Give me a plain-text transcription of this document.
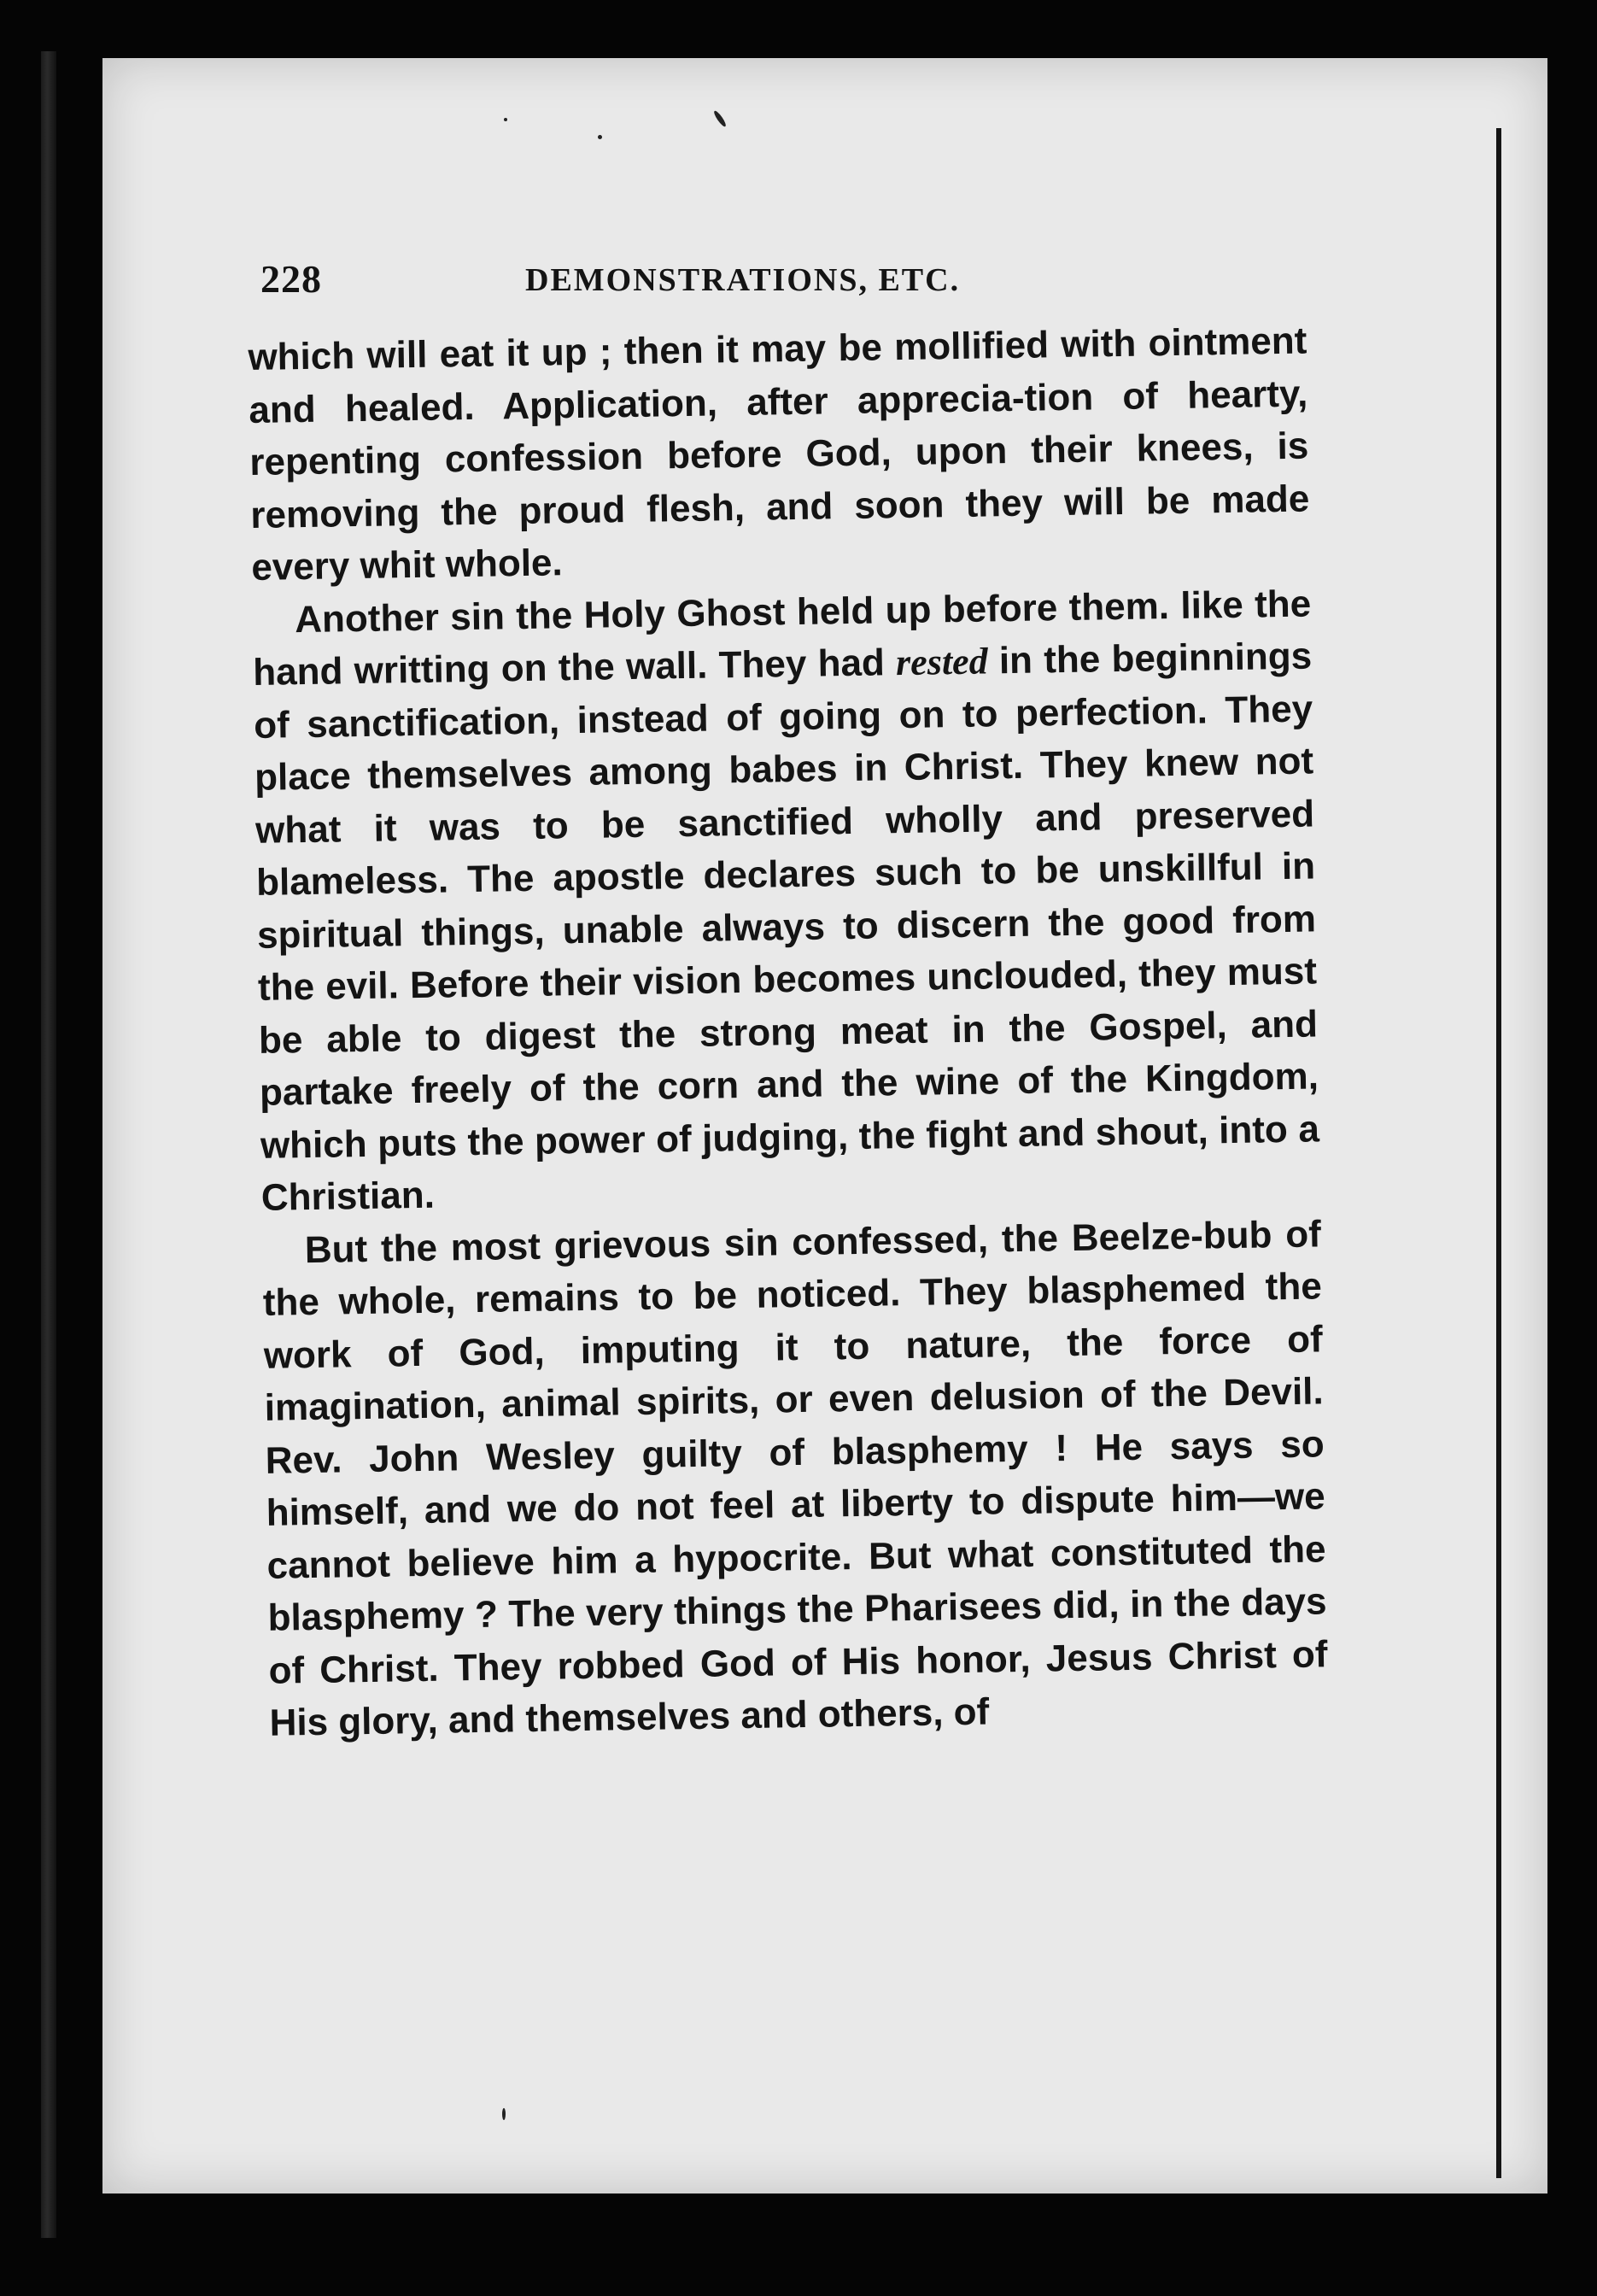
228	DEMONSTRATIONS, ETC.

which will eat it up ; then it may be mollified with ointment and healed. Application, after apprecia-tion of hearty, repenting confession before God, upon their knees, is removing the proud flesh, and soon they will be made every whit whole.

Another sin the Holy Ghost held up before them. like the hand writting on the wall. They had rested in the beginnings of sanctification, instead of going on to perfection. They place themselves among babes in Christ. They knew not what it was to be sanctified wholly and preserved blameless. The apostle declares such to be unskillful in spiritual things, unable always to discern the good from the evil. Before their vision becomes unclouded, they must be able to digest the strong meat in the Gospel, and partake freely of the corn and the wine of the Kingdom, which puts the power of judging, the fight and shout, into a Christian.

But the most grievous sin confessed, the Beelze-bub of the whole, remains to be noticed. They blasphemed the work of God, imputing it to nature, the force of imagination, animal spirits, or even delusion of the Devil. Rev. John Wesley guilty of blasphemy ! He says so himself, and we do not feel at liberty to dispute him—we cannot believe him a hypocrite. But what constituted the blasphemy ? The very things the Pharisees did, in the days of Christ. They robbed God of His honor, Jesus Christ of His glory, and themselves and others, of
